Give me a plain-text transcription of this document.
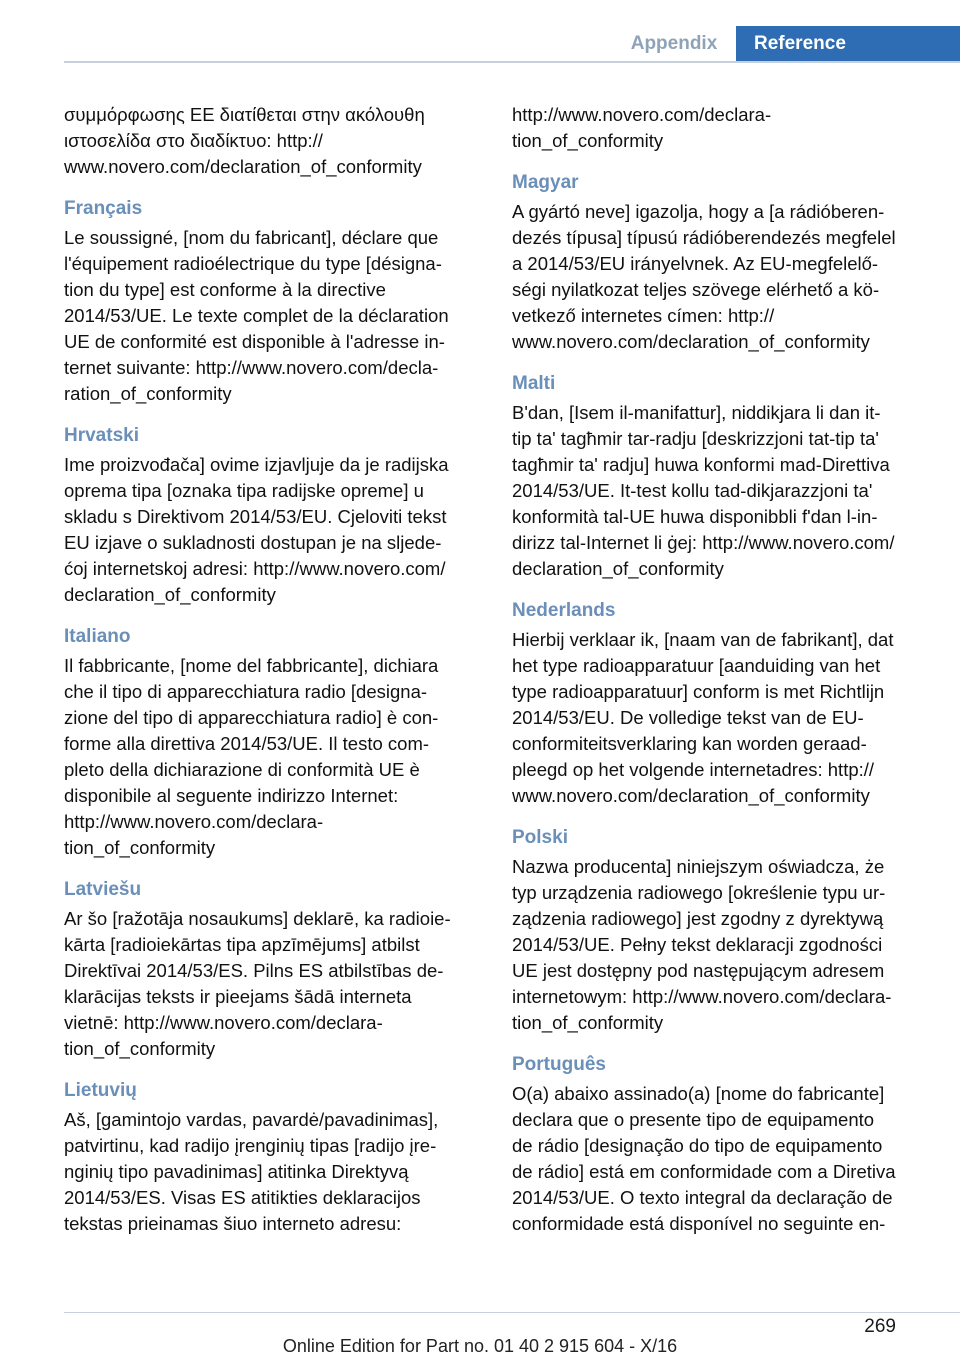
Appendix	Reference
συμμόρφωσης ΕΕ διατίθεται στην ακόλουθη
ιστοσελίδα στο διαδίκτυο: http://
www.novero.com/declaration_of_conformity
Français
Le soussigné, [nom du fabricant], déclare que
l'équipement radioélectrique du type [désigna-
tion du type] est conforme à la directive
2014/53/UE. Le texte complet de la déclaration
UE de conformité est disponible à l'adresse in-
ternet suivante: http://www.novero.com/decla-
ration_of_conformity
Hrvatski
Ime proizvođača] ovime izjavljuje da je radijska
oprema tipa [oznaka tipa radijske opreme] u
skladu s Direktivom 2014/53/EU. Cjeloviti tekst
EU izjave o sukladnosti dostupan je na sljede-
ćoj internetskoj adresi: http://www.novero.com/
declaration_of_conformity
Italiano
Il fabbricante, [nome del fabbricante], dichiara
che il tipo di apparecchiatura radio [designa-
zione del tipo di apparecchiatura radio] è con-
forme alla direttiva 2014/53/UE. Il testo com-
pleto della dichiarazione di conformità UE è
disponibile al seguente indirizzo Internet:
http://www.novero.com/declara-
tion_of_conformity
Latviešu
Ar šo [ražotāja nosaukums] deklarē, ka radioie-
kārta [radioiekārtas tipa apzīmējums] atbilst
Direktīvai 2014/53/ES. Pilns ES atbilstības de-
klarācijas teksts ir pieejams šādā interneta
vietnē: http://www.novero.com/declara-
tion_of_conformity
Lietuvių
Aš, [gamintojo vardas, pavardė/pavadinimas],
patvirtinu, kad radijo įrenginių tipas [radijo įre-
nginių tipo pavadinimas] atitinka Direktyvą
2014/53/ES. Visas ES atitikties deklaracijos
tekstas prieinamas šiuo interneto adresu:
http://www.novero.com/declara-
tion_of_conformity
Magyar
A gyártó neve] igazolja, hogy a [a rádióberen-
dezés típusa] típusú rádióberendezés megfelel
a 2014/53/EU irányelvnek. Az EU-megfelelő-
ségi nyilatkozat teljes szövege elérhető a kö-
vetkező internetes címen: http://
www.novero.com/declaration_of_conformity
Malti
B'dan, [Isem il-manifattur], niddikjara li dan it-
tip ta' tagħmir tar-radju [deskrizzjoni tat-tip ta'
tagħmir ta' radju] huwa konformi mad-Direttiva
2014/53/UE. It-test kollu tad-dikjarazzjoni ta'
konformità tal-UE huwa disponibbli f'dan l-in-
dirizz tal-Internet li ġej: http://www.novero.com/
declaration_of_conformity
Nederlands
Hierbij verklaar ik, [naam van de fabrikant], dat
het type radioapparatuur [aanduiding van het
type radioapparatuur] conform is met Richtlijn
2014/53/EU. De volledige tekst van de EU-
conformiteitsverklaring kan worden geraad-
pleegd op het volgende internetadres: http://
www.novero.com/declaration_of_conformity
Polski
Nazwa producenta] niniejszym oświadcza, że
typ urządzenia radiowego [określenie typu ur-
ządzenia radiowego] jest zgodny z dyrektywą
2014/53/UE. Pełny tekst deklaracji zgodności
UE jest dostępny pod następującym adresem
internetowym: http://www.novero.com/declara-
tion_of_conformity
Português
O(a) abaixo assinado(a) [nome do fabricante]
declara que o presente tipo de equipamento
de rádio [designação do tipo de equipamento
de rádio] está em conformidade com a Diretiva
2014/53/UE. O texto integral da declaração de
conformidade está disponível no seguinte en-
269
Online Edition for Part no. 01 40 2 915 604 - X/16
